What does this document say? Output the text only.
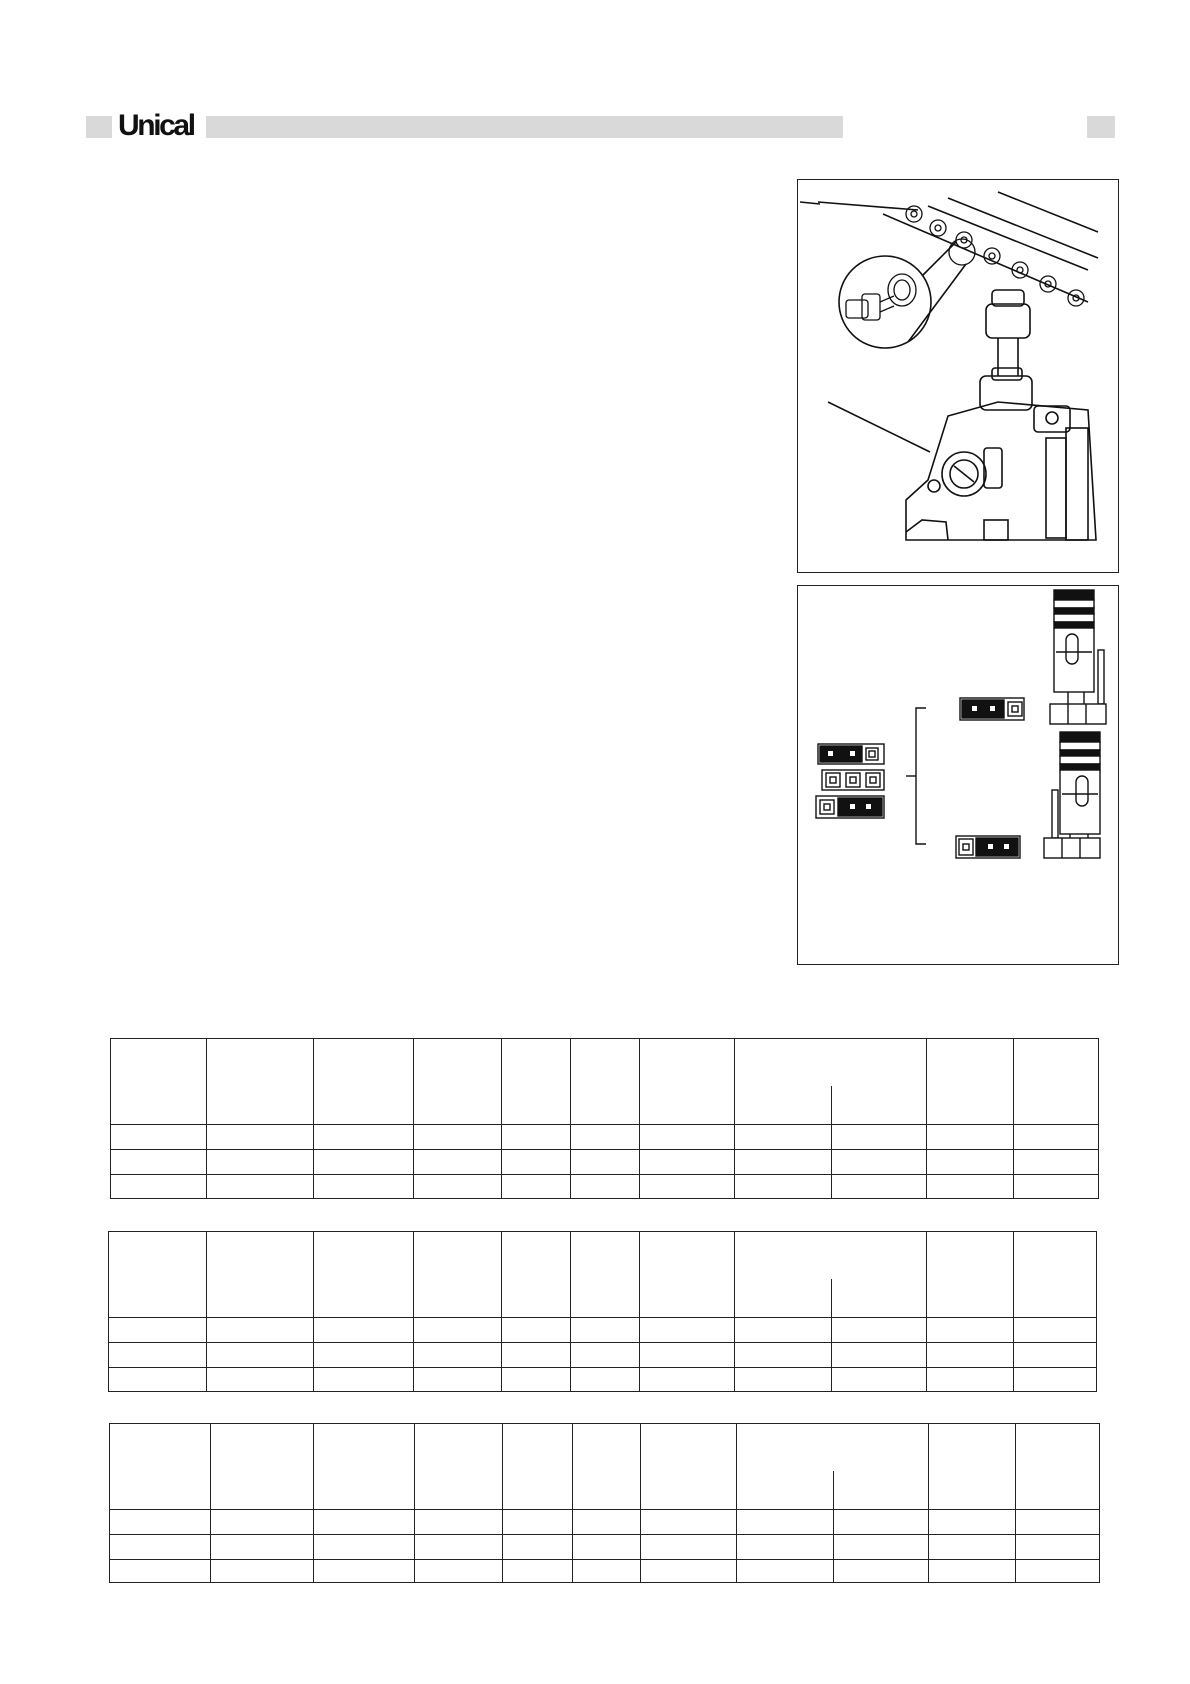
Unical
